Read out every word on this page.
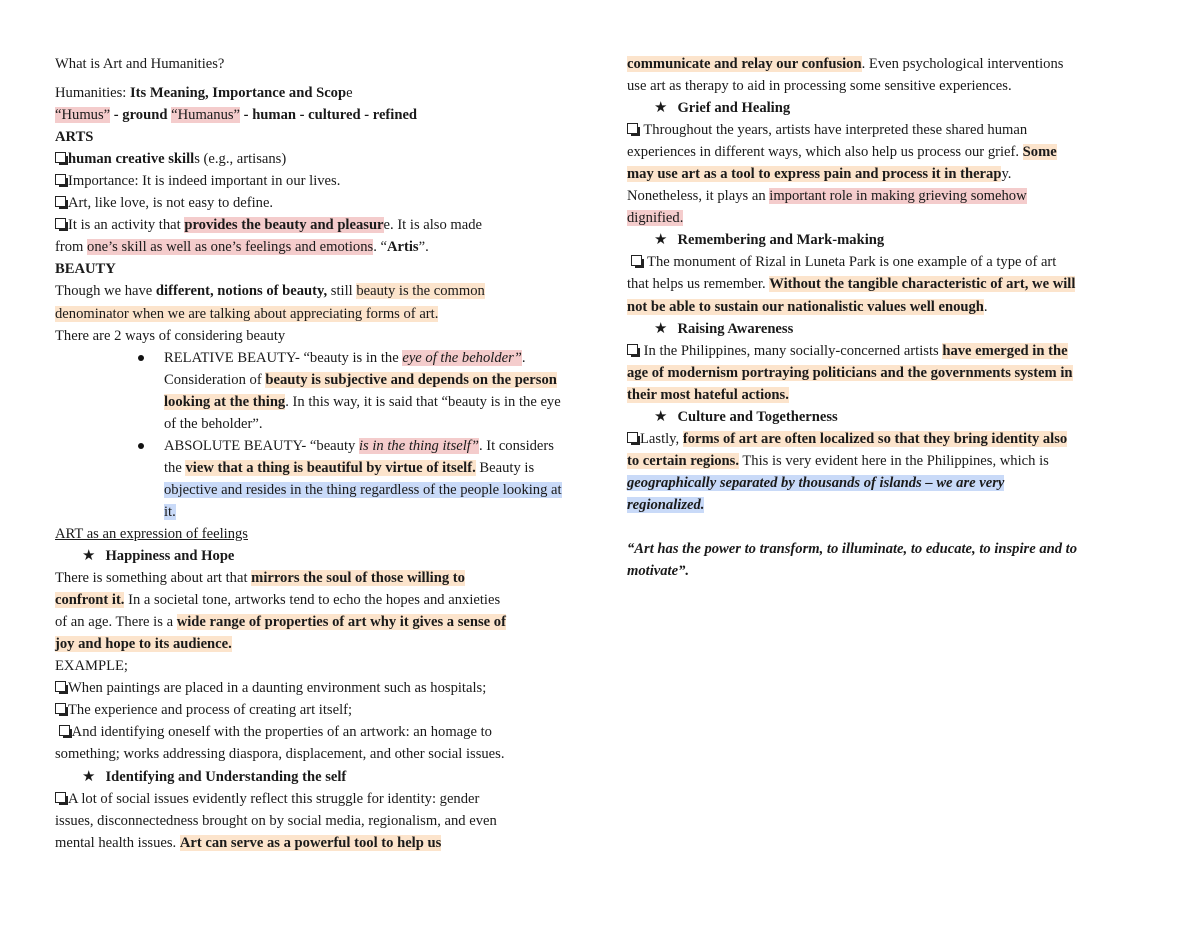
What is Art and Humanities?
Humanities: Its Meaning, Importance and Scope
“Humus” - ground “Humanus” - human - cultured - refined
ARTS
human creative skills (e.g., artisans)
Importance: It is indeed important in our lives.
Art, like love, is not easy to define.
It is an activity that provides the beauty and pleasure. It is also made
from one’s skill as well as one’s feelings and emotions. “Artis”.
BEAUTY
Though we have different, notions of beauty, still beauty is the common
denominator when we are talking about appreciating forms of art.
There are 2 ways of considering beauty
RELATIVE BEAUTY- “beauty is in the eye of the beholder”. Consideration of beauty is subjective and depends on the person looking at the thing. In this way, it is said that “beauty is in the eye of the beholder”.
ABSOLUTE BEAUTY- “beauty is in the thing itself”. It considers the view that a thing is beautiful by virtue of itself. Beauty is objective and resides in the thing regardless of the people looking at it.
ART as an expression of feelings
★ Happiness and Hope
There is something about art that mirrors the soul of those willing to
confront it. In a societal tone, artworks tend to echo the hopes and anxieties
of an age. There is a wide range of properties of art why it gives a sense of
joy and hope to its audience.
EXAMPLE;
When paintings are placed in a daunting environment such as hospitals;
The experience and process of creating art itself;
And identifying oneself with the properties of an artwork: an homage to
something; works addressing diaspora, displacement, and other social issues.
★ Identifying and Understanding the self
A lot of social issues evidently reflect this struggle for identity: gender
issues, disconnectedness brought on by social media, regionalism, and even
mental health issues. Art can serve as a powerful tool to help us
communicate and relay our confusion. Even psychological interventions
use art as therapy to aid in processing some sensitive experiences.
★ Grief and Healing
Throughout the years, artists have interpreted these shared human
experiences in different ways, which also help us process our grief. Some
may use art as a tool to express pain and process it in therapy.
Nonetheless, it plays an important role in making grieving somehow
dignified.
★ Remembering and Mark-making
The monument of Rizal in Luneta Park is one example of a type of art
that helps us remember. Without the tangible characteristic of art, we will
not be able to sustain our nationalistic values well enough.
★ Raising Awareness
In the Philippines, many socially-concerned artists have emerged in the
age of modernism portraying politicians and the governments system in
their most hateful actions.
★ Culture and Togetherness
Lastly, forms of art are often localized so that they bring identity also
to certain regions. This is very evident here in the Philippines, which is
geographically separated by thousands of islands – we are very
regionalized.
“Art has the power to transform, to illuminate, to educate, to inspire and to
motivate”.
